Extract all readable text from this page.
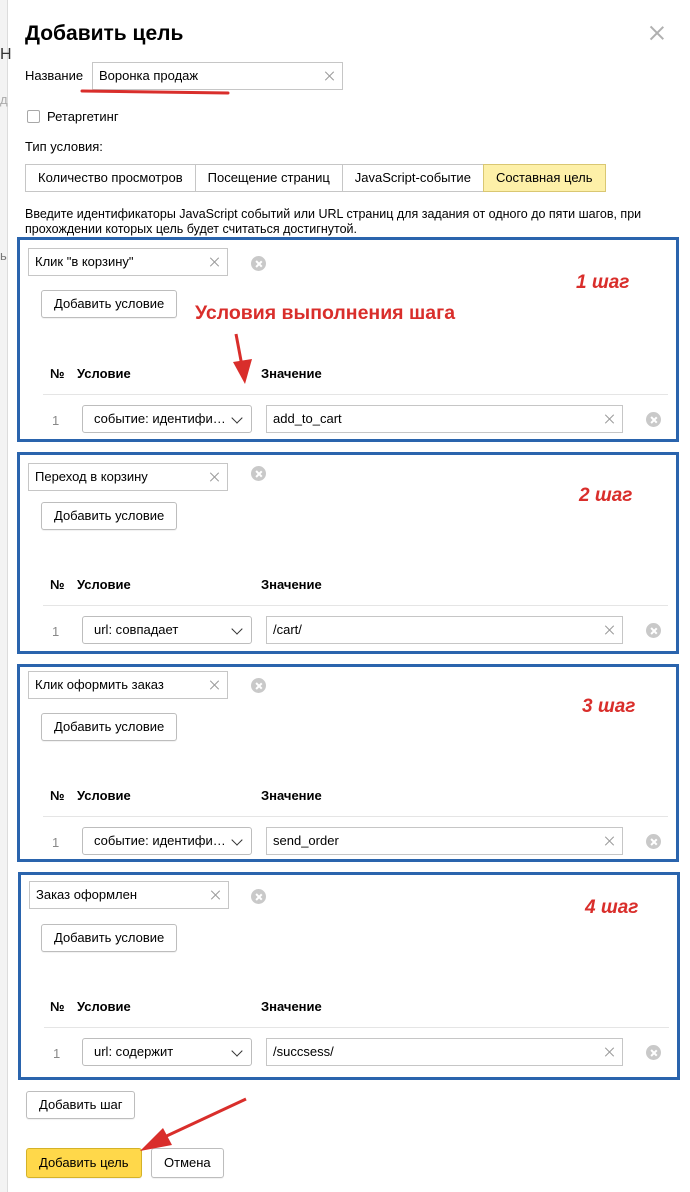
Н
д
ь
Добавить цель
Название	Воронка продаж
Ретаргетинг
Тип условия:
Количество просмотров	Посещение страниц	JavaScript-событие	Составная цель
Введите идентификаторы JavaScript событий или URL страниц для задания от одного до пяти шагов, при прохождении которых цель будет считаться достигнутой.
Клик "в корзину"
Добавить условие
№ Условие	Значение
1	событие: идентифи…	add_to_cart
1 шаг
Переход в корзину
Добавить условие
№ Условие	Значение
1	url: совпадает	/cart/
2 шаг
Клик оформить заказ
Добавить условие
№ Условие	Значение
1	событие: идентифи…	send_order
3 шаг
Заказ оформлен
Добавить условие
№ Условие	Значение
1	url: содержит	/succsess/
4 шаг
Условия выполнения шага
Добавить шаг
Добавить цель	Отмена
